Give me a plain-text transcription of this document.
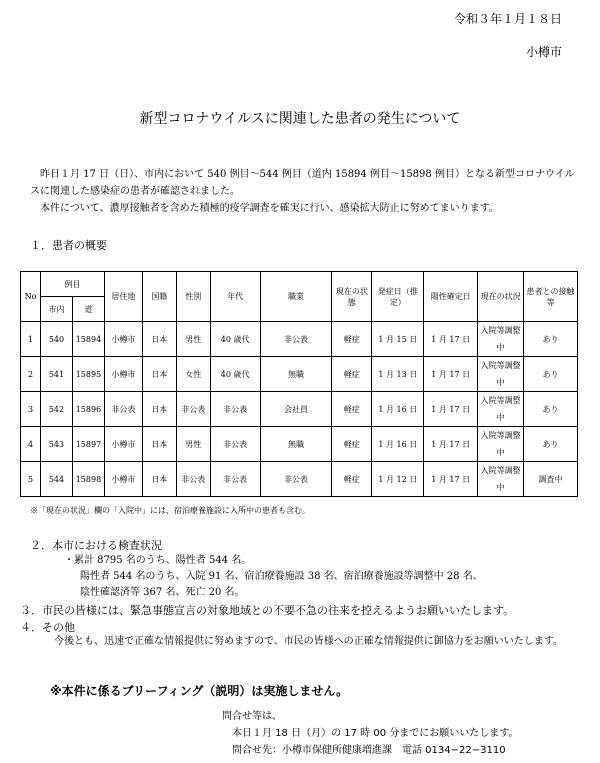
令和３年１月１８日
小樽市
新型コロナウイルスに関連した患者の発生について
　昨日１月 17 日（日）、市内において 540 例目〜544 例目（道内 15894 例目〜15898 例目）となる新型コロナウイルスに関連した感染症の患者が確認されました。
　本件について、濃厚接触者を含めた積極的疫学調査を確実に行い、感染拡大防止に努めてまいります。
１．患者の概要
No	例目		居住地	国籍	性別	年代	職業	現在の状態	発症日（推定）	陽性確定日	現在の状況	患者との接触等
	市内	道										
1	540	15894	小樽市	日本	男性	40 歳代	非公表	軽症	1 月 15 日	1 月 17 日	入院等調整中	あり
2	541	15895	小樽市	日本	女性	40 歳代	無職	軽症	1 月 13 日	1 月 17 日	入院等調整中	あり
3	542	15896	非公表	日本	非公表	非公表	会社員	軽症	1 月 16 日	1 月 17 日	入院等調整中	あり
4	543	15897	小樽市	日本	男性	非公表	無職	軽症	1 月 16 日	1 月 17 日	入院等調整中	あり
5	544	15898	小樽市	日本	非公表	非公表	非公表	軽症	1 月 12 日	1 月 17 日	入院等調整中	調査中
※「現在の状況」欄の「入院中」には、宿泊療養施設に入所中の患者も含む。
２．本市における検査状況
・累計 8795 名のうち、陽性者 544 名。
陽性者 544 名のうち、入院 91 名、宿泊療養施設 38 名、宿泊療養施設等調整中 28 名、
陰性確認済等 367 名、死亡 20 名。
３．市民の皆様には、緊急事態宣言の対象地域との不要不急の往来を控えるようお願いいたします。
４．その他
　今後とも、迅速で正確な情報提供に努めますので、市民の皆様への正確な情報提供に御協力をお願いいたします。
※本件に係るブリーフィング（説明）は実施しません。
問合せ等は、
本日１月 18 日（月）の 17 時 00 分までにお願いいたします。
問合せ先：小樽市保健所健康増進課　電話 0134−22−3110
